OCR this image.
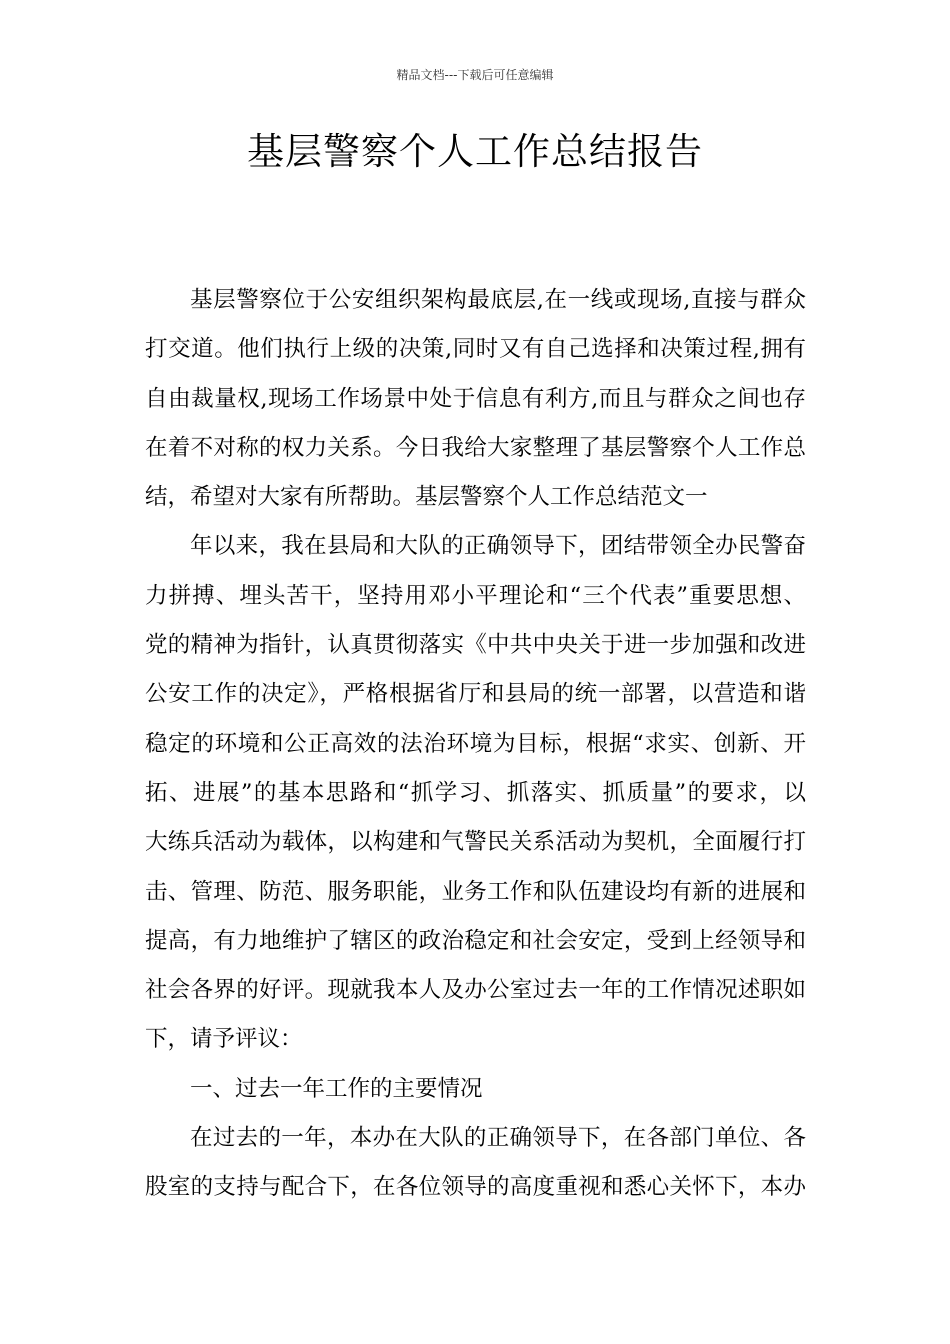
精品文档---下载后可任意编辑
基层警察个人工作总结报告
基层警察位于公安组织架构最底层,在一线或现场,直接与群众
打交道。他们执行上级的决策,同时又有自己选择和决策过程,拥有
自由裁量权,现场工作场景中处于信息有利方,而且与群众之间也存
在着不对称的权力关系。今日我给大家整理了基层警察个人工作总
结，希望对大家有所帮助。基层警察个人工作总结范文一
年以来，我在县局和大队的正确领导下，团结带领全办民警奋
力拼搏、埋头苦干，坚持用邓小平理论和“三个代表”重要思想、
党的精神为指针，认真贯彻落实《中共中央关于进一步加强和改进
公安工作的决定》，严格根据省厅和县局的统一部署，以营造和谐
稳定的环境和公正高效的法治环境为目标，根据“求实、创新、开
拓、进展”的基本思路和“抓学习、抓落实、抓质量”的要求，以
大练兵活动为载体，以构建和气警民关系活动为契机，全面履行打
击、管理、防范、服务职能，业务工作和队伍建设均有新的进展和
提高，有力地维护了辖区的政治稳定和社会安定，受到上经领导和
社会各界的好评。现就我本人及办公室过去一年的工作情况述职如
下，请予评议：
一、过去一年工作的主要情况
在过去的一年，本办在大队的正确领导下，在各部门单位、各
股室的支持与配合下，在各位领导的高度重视和悉心关怀下，本办
